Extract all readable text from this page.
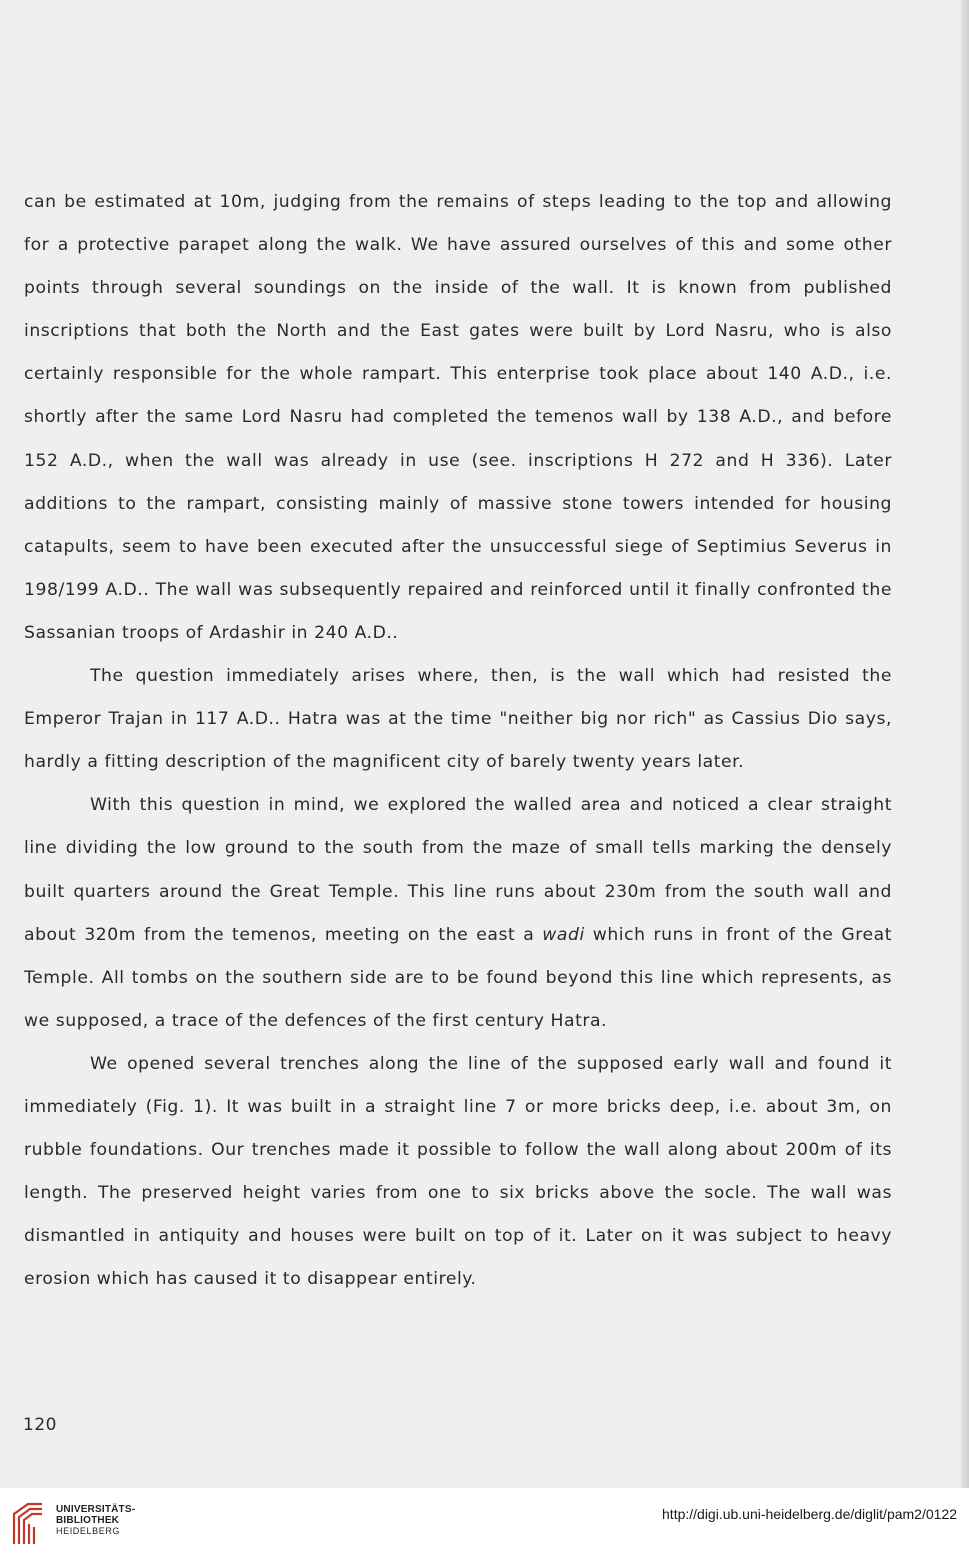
can be estimated at 10m, judging from the remains of steps leading to the top and allowing for a protective parapet along the walk. We have assured ourselves of this and some other points through several soundings on the inside of the wall. It is known from published inscriptions that both the North and the East gates were built by Lord Nasru, who is also certainly responsible for the whole rampart. This enterprise took place about 140 A.D., i.e. shortly after the same Lord Nasru had completed the temenos wall by 138 A.D., and before 152 A.D., when the wall was already in use (see. inscriptions H 272 and H 336). Later additions to the rampart, consisting mainly of massive stone towers intended for housing catapults, seem to have been executed after the unsuccessful siege of Septimius Severus in 198/199 A.D.. The wall was subsequently repaired and reinforced until it finally confronted the Sassanian troops of Ardashir in 240 A.D..

The question immediately arises where, then, is the wall which had resisted the Emperor Trajan in 117 A.D.. Hatra was at the time "neither big nor rich" as Cassius Dio says, hardly a fitting description of the magnificent city of barely twenty years later.

With this question in mind, we explored the walled area and noticed a clear straight line dividing the low ground to the south from the maze of small tells marking the densely built quarters around the Great Temple. This line runs about 230m from the south wall and about 320m from the temenos, meeting on the east a wadi which runs in front of the Great Temple. All tombs on the southern side are to be found beyond this line which represents, as we supposed, a trace of the defences of the first century Hatra.

We opened several trenches along the line of the supposed early wall and found it immediately (Fig. 1). It was built in a straight line 7 or more bricks deep, i.e. about 3m, on rubble foundations. Our trenches made it possible to follow the wall along about 200m of its length. The preserved height varies from one to six bricks above the socle. The wall was dismantled in antiquity and houses were built on top of it. Later on it was subject to heavy erosion which has caused it to disappear entirely.

120
UNIVERSITÄTS-
BIBLIOTHEK
HEIDELBERG
http://digi.ub.uni-heidelberg.de/diglit/pam2/0122
